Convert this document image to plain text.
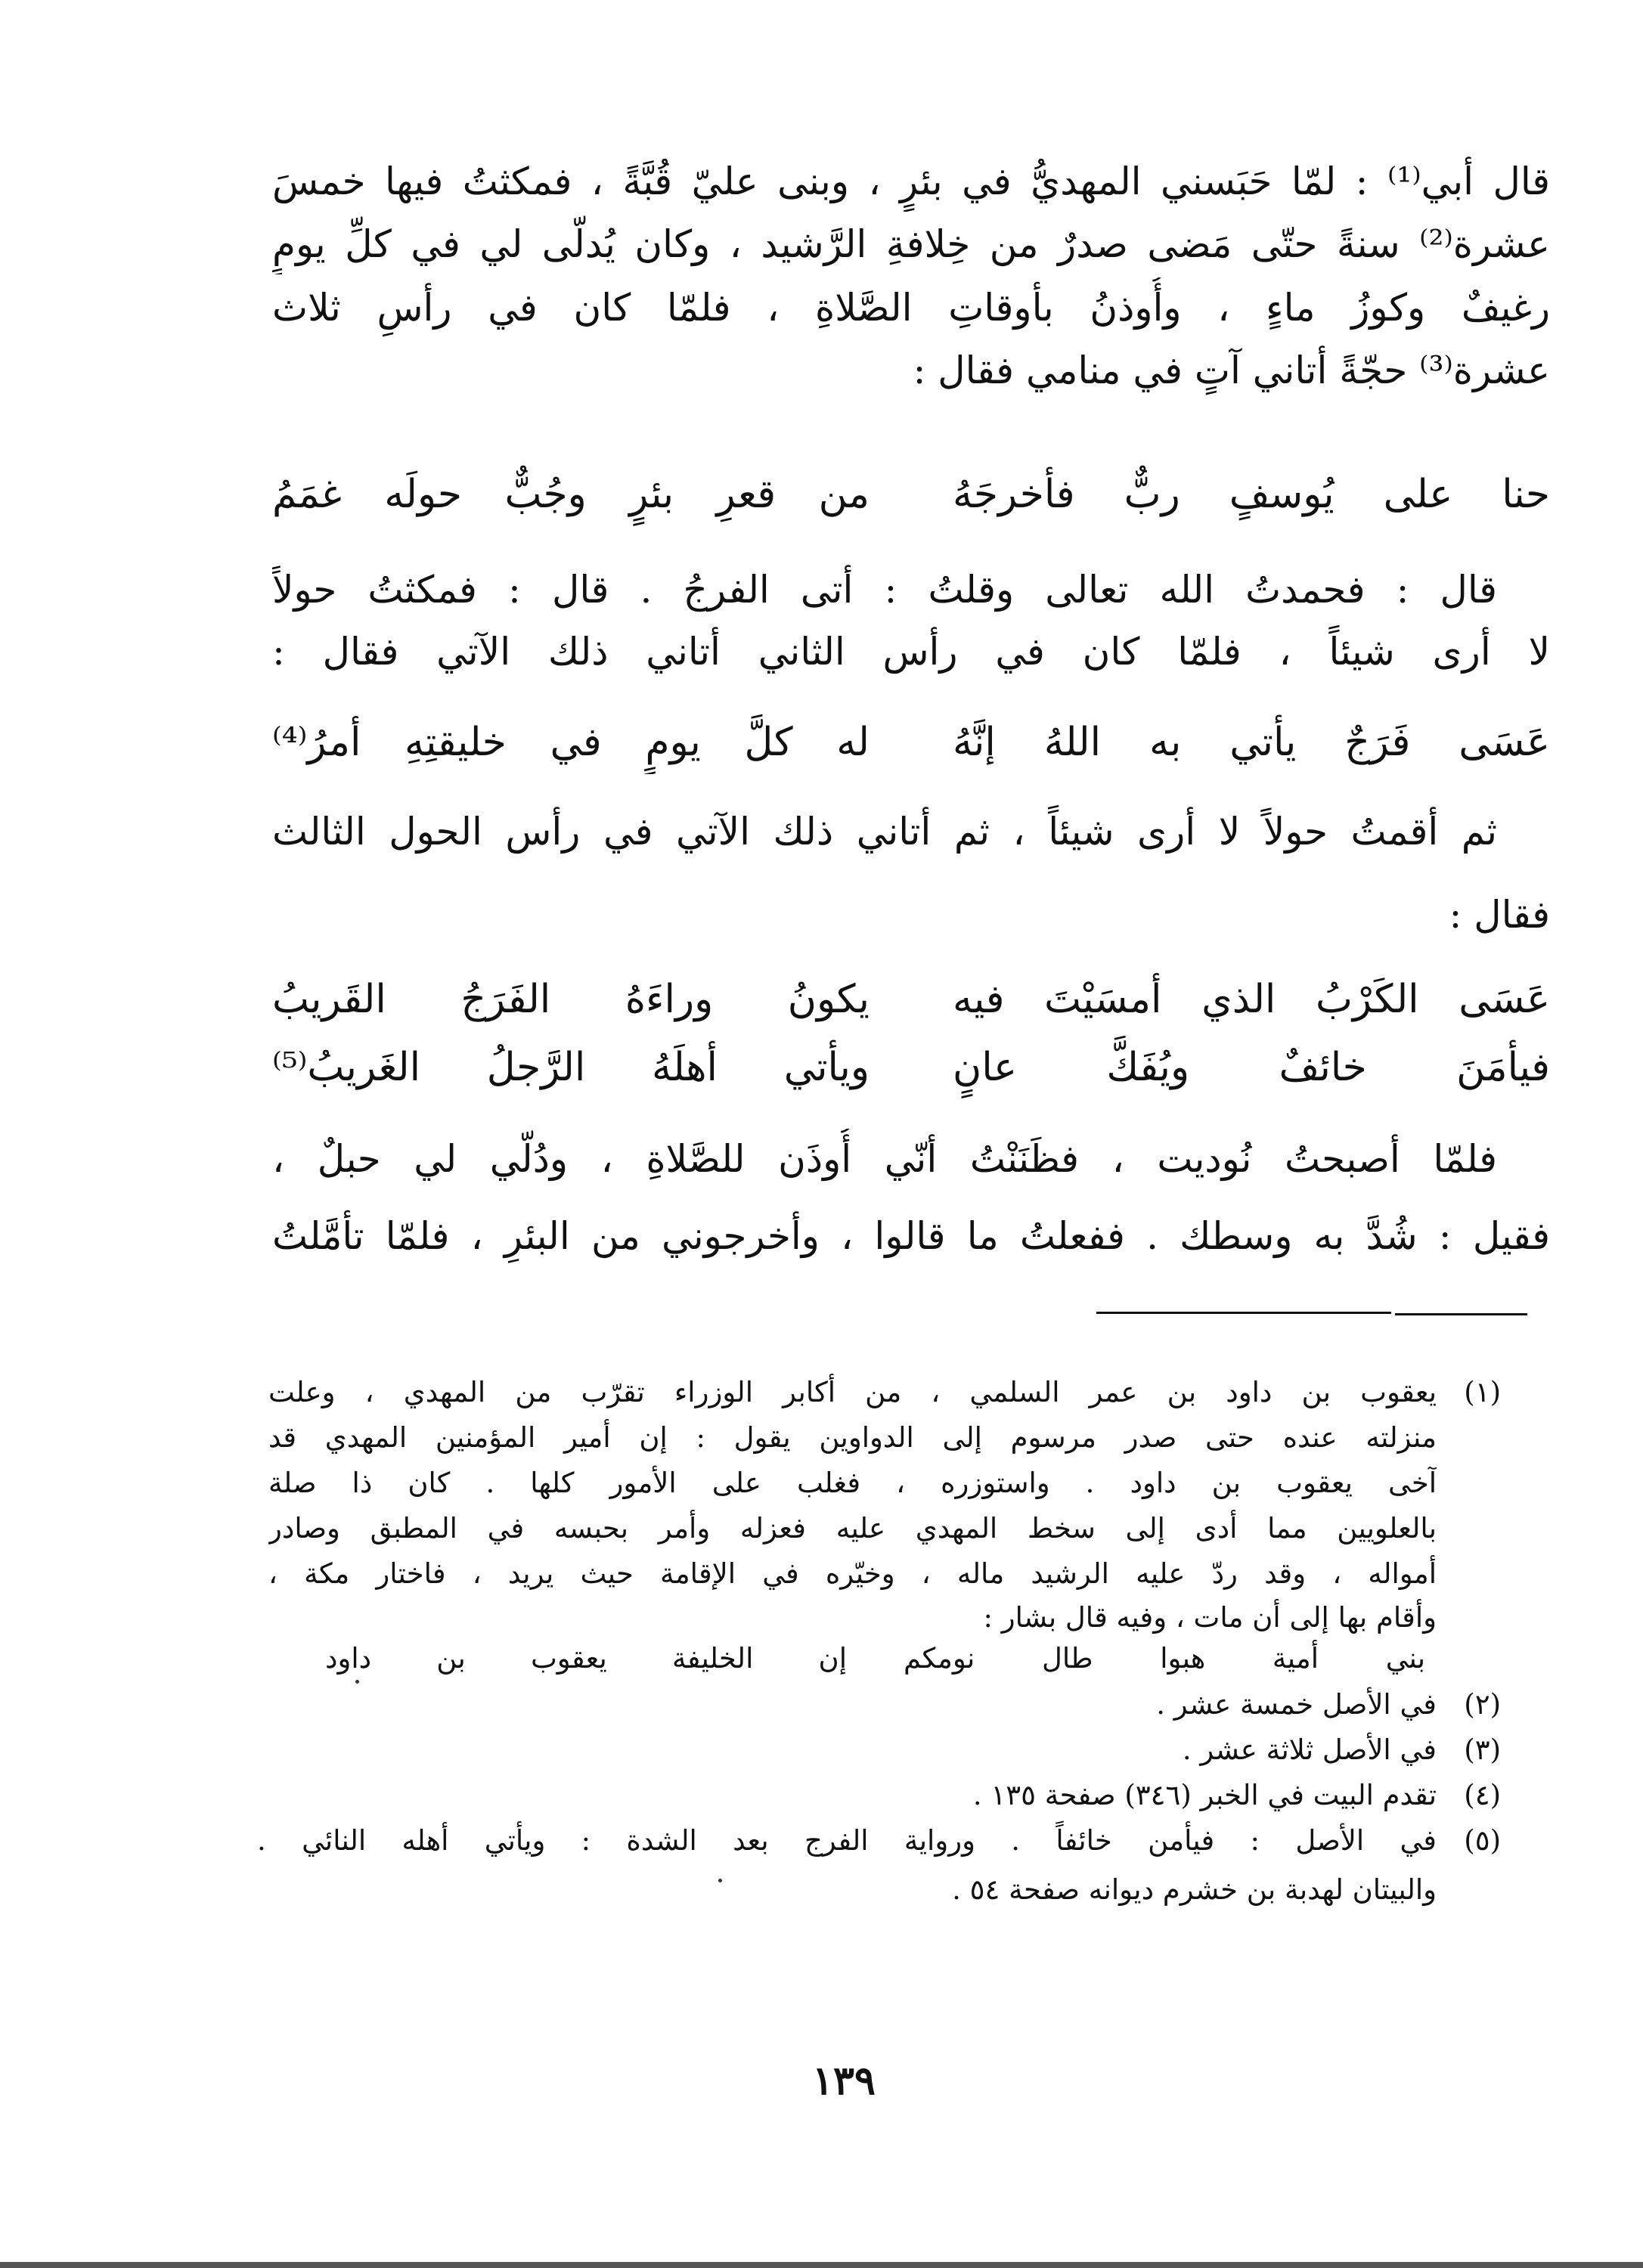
قال أبي⁽¹⁾ : لمّا حَبَسني المهديُّ في بئرٍ ، وبنى عليّ قُبَّةً ، فمكثتُ فيها خمسَ
عشرة⁽²⁾ سنةً حتّى مَضى صدرٌ من خِلافةِ الرَّشيد ، وكان يُدلّى لي في كلِّ يومٍ
رغيفٌ وكوزُ ماءٍ ، وأُوذنُ بأوقاتِ الصَّلاةِ ، فلمّا كان في رأسِ ثلاث
عشرة⁽³⁾ حجّةً أتاني آتٍ في منامي فقال :
حنا على يُوسفٍ ربٌّ فأخرجَهُ
من قعرِ بئرٍ وجُبٌّ حولَه غمَمُ
قال : فحمدتُ الله تعالى وقلتُ : أتى الفرجُ . قال : فمكثتُ حولاً
لا أرى شيئاً ، فلمّا كان في رأس الثاني أتاني ذلك الآتي فقال :
عَسَى فَرَجٌ يأتي به اللهُ إنَّهُ
له كلَّ يومٍ في خليقتِهِ أمرُ⁽⁴⁾
ثم أقمتُ حولاً لا أرى شيئاً ، ثم أتاني ذلك الآتي في رأس الحول الثالث
فقال :
عَسَى الكَرْبُ الذي أمسَيْتَ فيه
يكونُ وراءَهُ الفَرَجُ القَريبُ
فيأمَنَ خائفٌ ويُفَكَّ عانٍ
ويأتي أهلَهُ الرَّجلُ الغَريبُ⁽⁵⁾
فلمّا أصبحتُ نُوديت ، فظَنَنْتُ أنّي أُوذَن للصَّلاةِ ، ودُلّي لي حبلٌ ،
فقيل : شُدَّ به وسطك . ففعلتُ ما قالوا ، وأخرجوني من البئرِ ، فلمّا تأمَّلتُ
(١)
يعقوب بن داود بن عمر السلمي ، من أكابر الوزراء تقرّب من المهدي ، وعلت
منزلته عنده حتى صدر مرسوم إلى الدواوين يقول : إن أمير المؤمنين المهدي قد
آخى يعقوب بن داود . واستوزره ، فغلب على الأمور كلها . كان ذا صلة
بالعلويين مما أدى إلى سخط المهدي عليه فعزله وأمر بحبسه في المطبق وصادر
أمواله ، وقد ردّ عليه الرشيد ماله ، وخيّره في الإقامة حيث يريد ، فاختار مكة ،
وأقام بها إلى أن مات ، وفيه قال بشار :
بني أمية هبوا طال نومكم
إن الخليفة يعقوب بن داود
(٢)
في الأصل خمسة عشر .
(٣)
في الأصل ثلاثة عشر .
(٤)
تقدم البيت في الخبر (٣٤٦) صفحة ١٣٥ .
(٥)
في الأصل : فيأمن خائفاً . ورواية الفرج بعد الشدة : ويأتي أهله النائي .
والبيتان لهدبة بن خشرم ديوانه صفحة ٥٤ .
١٣٩
